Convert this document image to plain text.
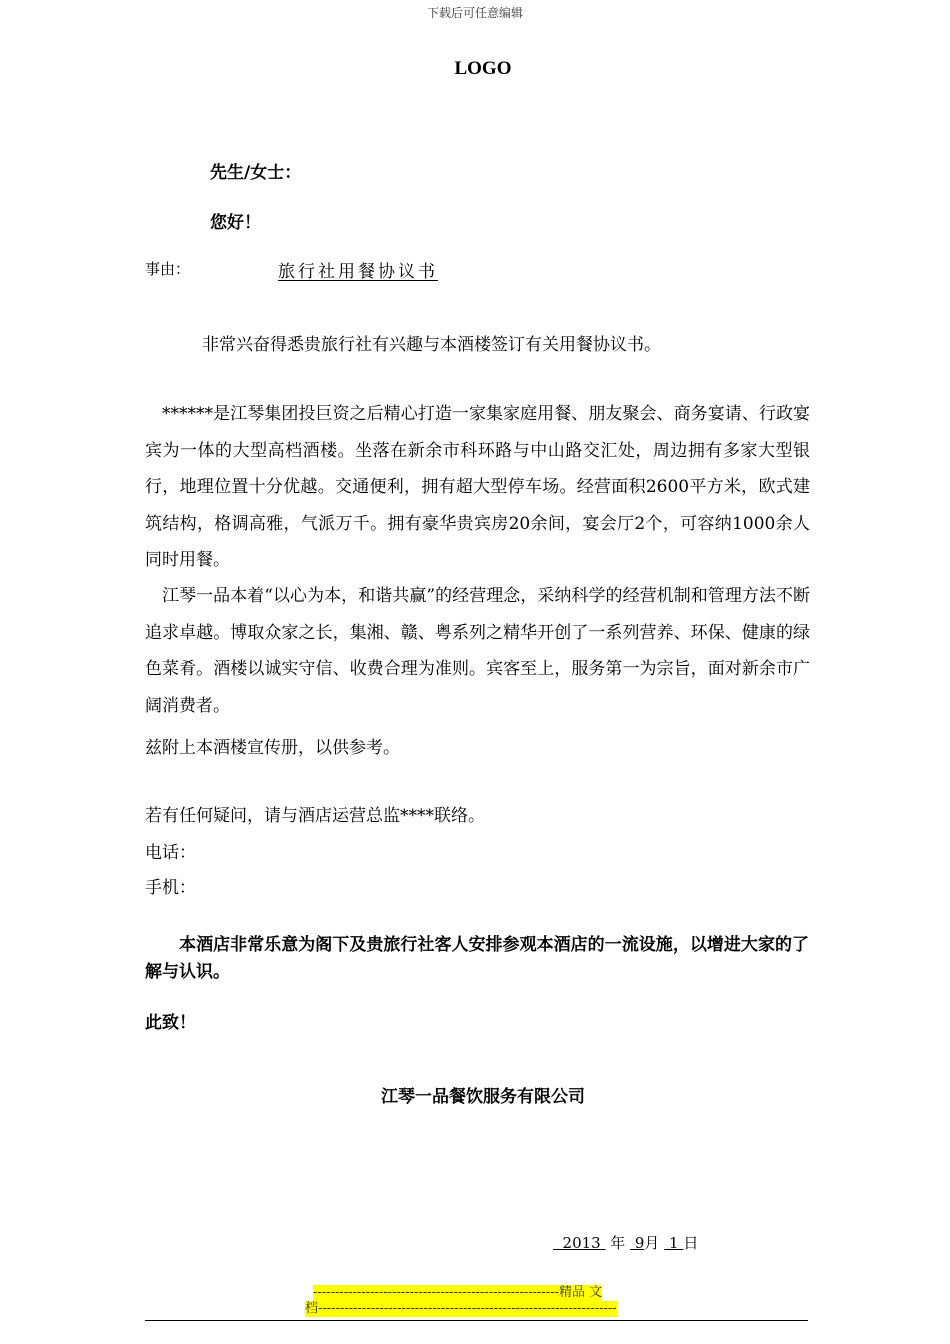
下载后可任意编辑
LOGO
先生/女士：
您好！
事由：	旅行社用餐协议书
非常兴奋得悉贵旅行社有兴趣与本酒楼签订有关用餐协议书。
　******是江琴集团投巨资之后精心打造一家集家庭用餐、朋友聚会、商务宴请、行政宴宾为一体的大型高档酒楼。坐落在新余市科环路与中山路交汇处，周边拥有多家大型银行，地理位置十分优越。交通便利，拥有超大型停车场。经营面积2600平方米，欧式建筑结构，格调高雅，气派万千。拥有豪华贵宾房20余间，宴会厅2个，可容纳1000余人同时用餐。
　江琴一品本着“以心为本，和谐共赢”的经营理念，采纳科学的经营机制和管理方法不断追求卓越。博取众家之长，集湘、赣、粤系列之精华开创了一系列营养、环保、健康的绿色菜肴。酒楼以诚实守信、收费合理为准则。宾客至上，服务第一为宗旨，面对新余市广阔消费者。
兹附上本酒楼宣传册，以供参考。
若有任何疑问，请与酒店运营总监****联络。
电话：
手机：
　　本酒店非常乐意为阁下及贵旅行社客人安排参观本酒店的一流设施，以增进大家的了解与认识。
此致！
江琴一品餐饮服务有限公司
2013 年 9月 1 日
--------------------------------------------------------精品 文
档--------------------------------------------------------------------
